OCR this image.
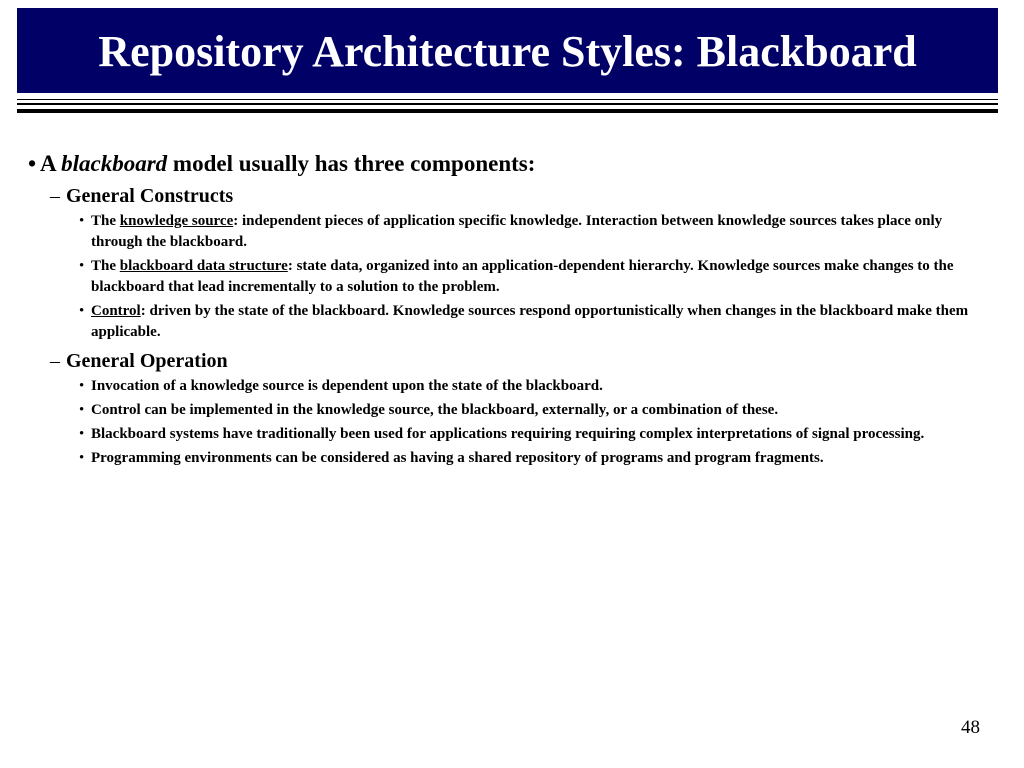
Repository Architecture Styles: Blackboard
• A blackboard model usually has three components:
– General Constructs
• The knowledge source: independent pieces of application specific knowledge. Interaction between knowledge sources takes place only through the blackboard.
• The blackboard data structure: state data, organized into an application-dependent hierarchy. Knowledge sources make changes to the blackboard that lead incrementally to a solution to the problem.
• Control: driven by the state of the blackboard. Knowledge sources respond opportunistically when changes in the blackboard make them applicable.
– General Operation
• Invocation of a knowledge source is dependent upon the state of the blackboard.
• Control can be implemented in the knowledge source, the blackboard, externally, or a combination of these.
• Blackboard systems have traditionally been used for applications requiring requiring complex interpretations of signal processing.
• Programming environments can be considered as having a shared repository of programs and program fragments.
48
